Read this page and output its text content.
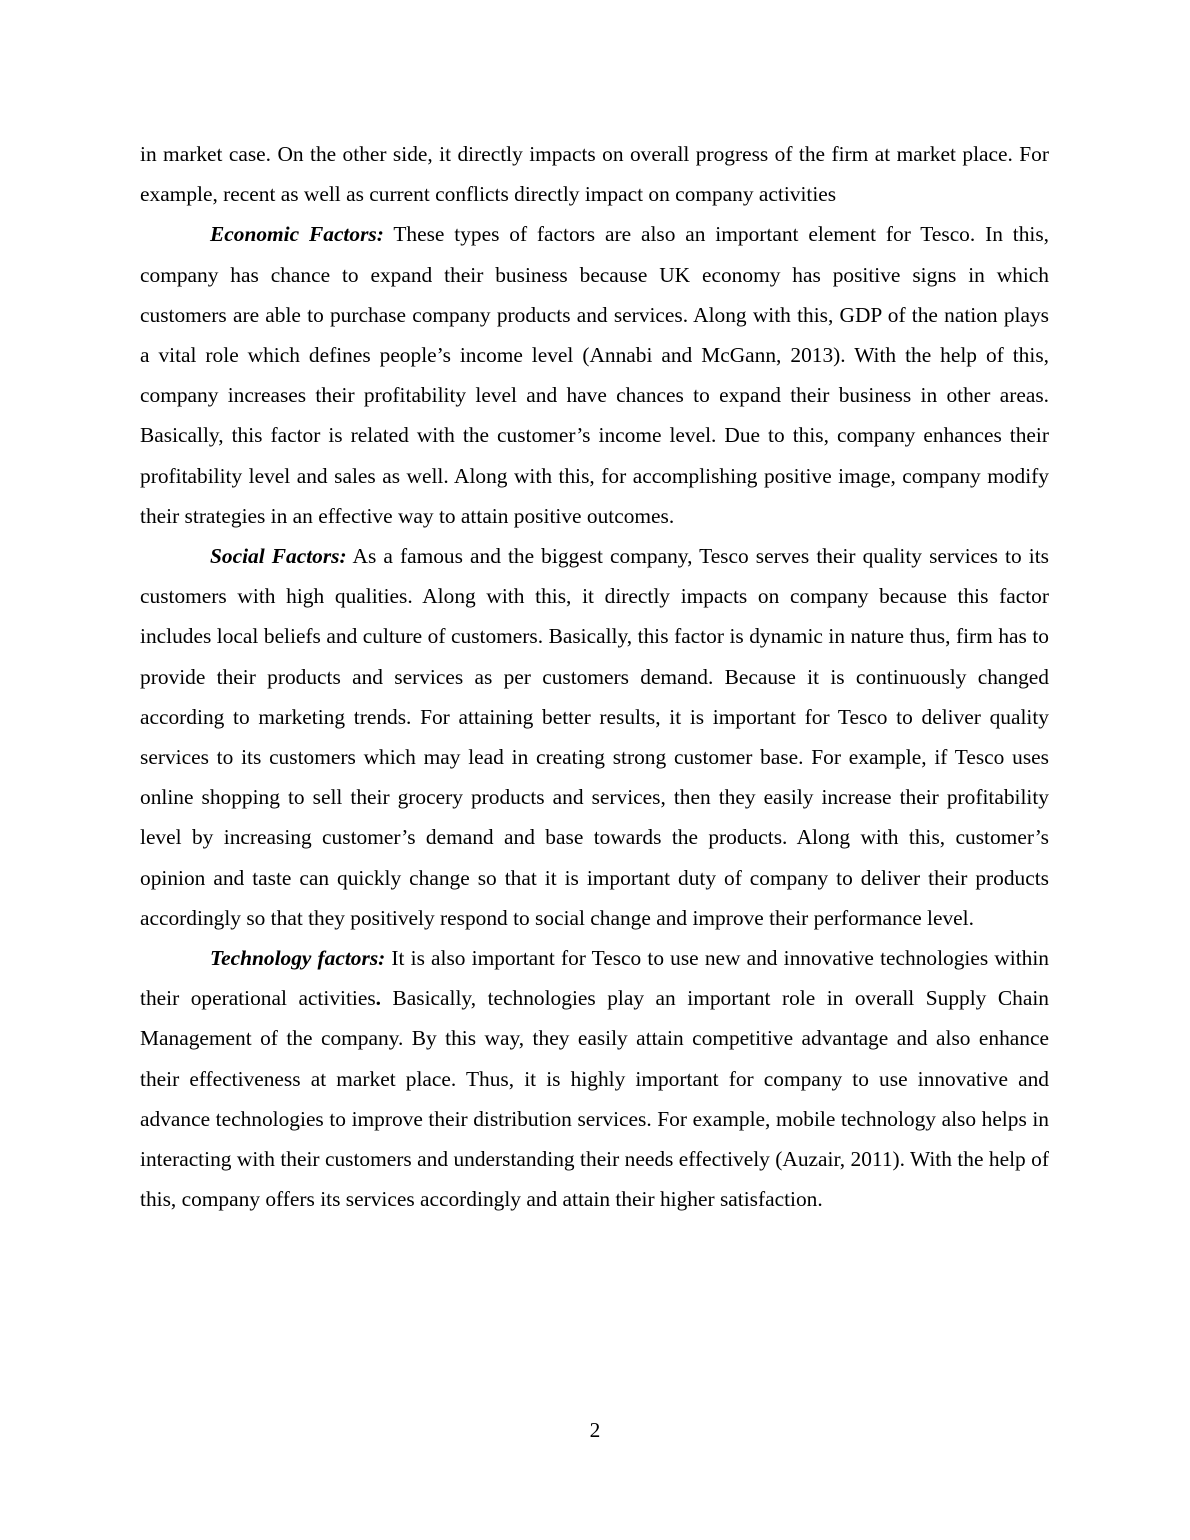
in market case. On the other side, it directly impacts on overall progress of the firm at market place. For example, recent as well as current conflicts directly impact on company activities

Economic Factors: These types of factors are also an important element for Tesco. In this, company has chance to expand their business because UK economy has positive signs in which customers are able to purchase company products and services. Along with this, GDP of the nation plays a vital role which defines people’s income level (Annabi and McGann, 2013). With the help of this, company increases their profitability level and have chances to expand their business in other areas. Basically, this factor is related with the customer’s income level. Due to this, company enhances their profitability level and sales as well. Along with this, for accomplishing positive image, company modify their strategies in an effective way to attain positive outcomes.

Social Factors: As a famous and the biggest company, Tesco serves their quality services to its customers with high qualities. Along with this, it directly impacts on company because this factor includes local beliefs and culture of customers. Basically, this factor is dynamic in nature thus, firm has to provide their products and services as per customers demand. Because it is continuously changed according to marketing trends. For attaining better results, it is important for Tesco to deliver quality services to its customers which may lead in creating strong customer base. For example, if Tesco uses online shopping to sell their grocery products and services, then they easily increase their profitability level by increasing customer’s demand and base towards the products. Along with this, customer’s opinion and taste can quickly change so that it is important duty of company to deliver their products accordingly so that they positively respond to social change and improve their performance level.

Technology factors: It is also important for Tesco to use new and innovative technologies within their operational activities. Basically, technologies play an important role in overall Supply Chain Management of the company. By this way, they easily attain competitive advantage and also enhance their effectiveness at market place. Thus, it is highly important for company to use innovative and advance technologies to improve their distribution services. For example, mobile technology also helps in interacting with their customers and understanding their needs effectively (Auzair, 2011). With the help of this, company offers its services accordingly and attain their higher satisfaction.

2
